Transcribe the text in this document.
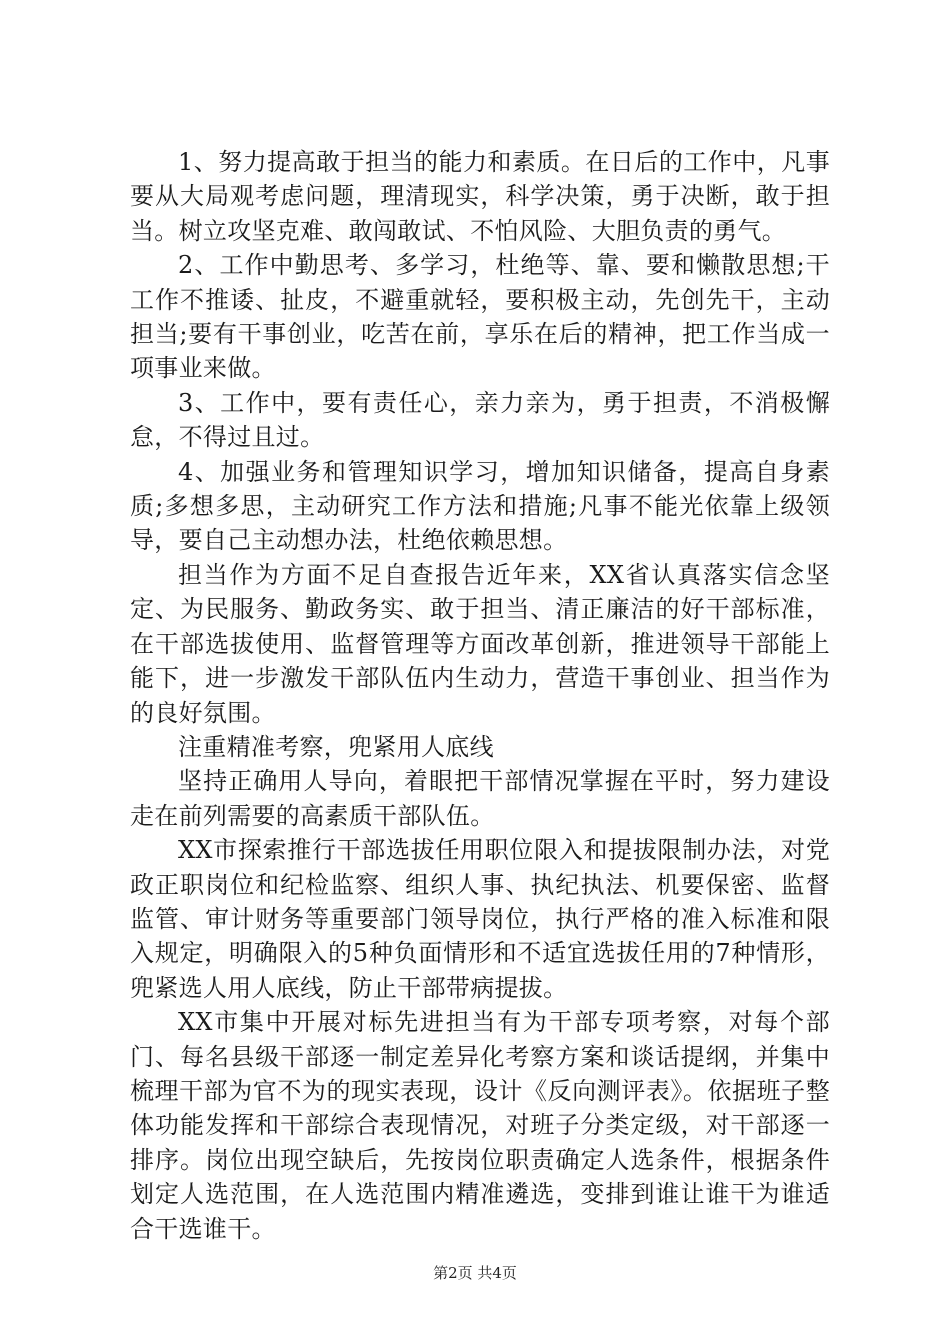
1、努力提高敢于担当的能力和素质。在日后的工作中，凡事要从大局观考虑问题，理清现实，科学决策，勇于决断，敢于担当。树立攻坚克难、敢闯敢试、不怕风险、大胆负责的勇气。

2、工作中勤思考、多学习，杜绝等、靠、要和懒散思想;干工作不推诿、扯皮，不避重就轻，要积极主动，先创先干，主动担当;要有干事创业，吃苦在前，享乐在后的精神，把工作当成一项事业来做。

3、工作中，要有责任心，亲力亲为，勇于担责，不消极懈怠，不得过且过。

4、加强业务和管理知识学习，增加知识储备，提高自身素质;多想多思，主动研究工作方法和措施;凡事不能光依靠上级领导，要自己主动想办法，杜绝依赖思想。

担当作为方面不足自查报告近年来，XX省认真落实信念坚定、为民服务、勤政务实、敢于担当、清正廉洁的好干部标准，在干部选拔使用、监督管理等方面改革创新，推进领导干部能上能下，进一步激发干部队伍内生动力，营造干事创业、担当作为的良好氛围。

注重精准考察，兜紧用人底线

坚持正确用人导向，着眼把干部情况掌握在平时，努力建设走在前列需要的高素质干部队伍。

XX市探索推行干部选拔任用职位限入和提拔限制办法，对党政正职岗位和纪检监察、组织人事、执纪执法、机要保密、监督监管、审计财务等重要部门领导岗位，执行严格的准入标准和限入规定，明确限入的5种负面情形和不适宜选拔任用的7种情形，兜紧选人用人底线，防止干部带病提拔。

XX市集中开展对标先进担当有为干部专项考察，对每个部门、每名县级干部逐一制定差异化考察方案和谈话提纲，并集中梳理干部为官不为的现实表现，设计《反向测评表》。依据班子整体功能发挥和干部综合表现情况，对班子分类定级，对干部逐一排序。岗位出现空缺后，先按岗位职责确定人选条件，根据条件划定人选范围，在人选范围内精准遴选，变排到谁让谁干为谁适合干选谁干。

第2页 共4页
